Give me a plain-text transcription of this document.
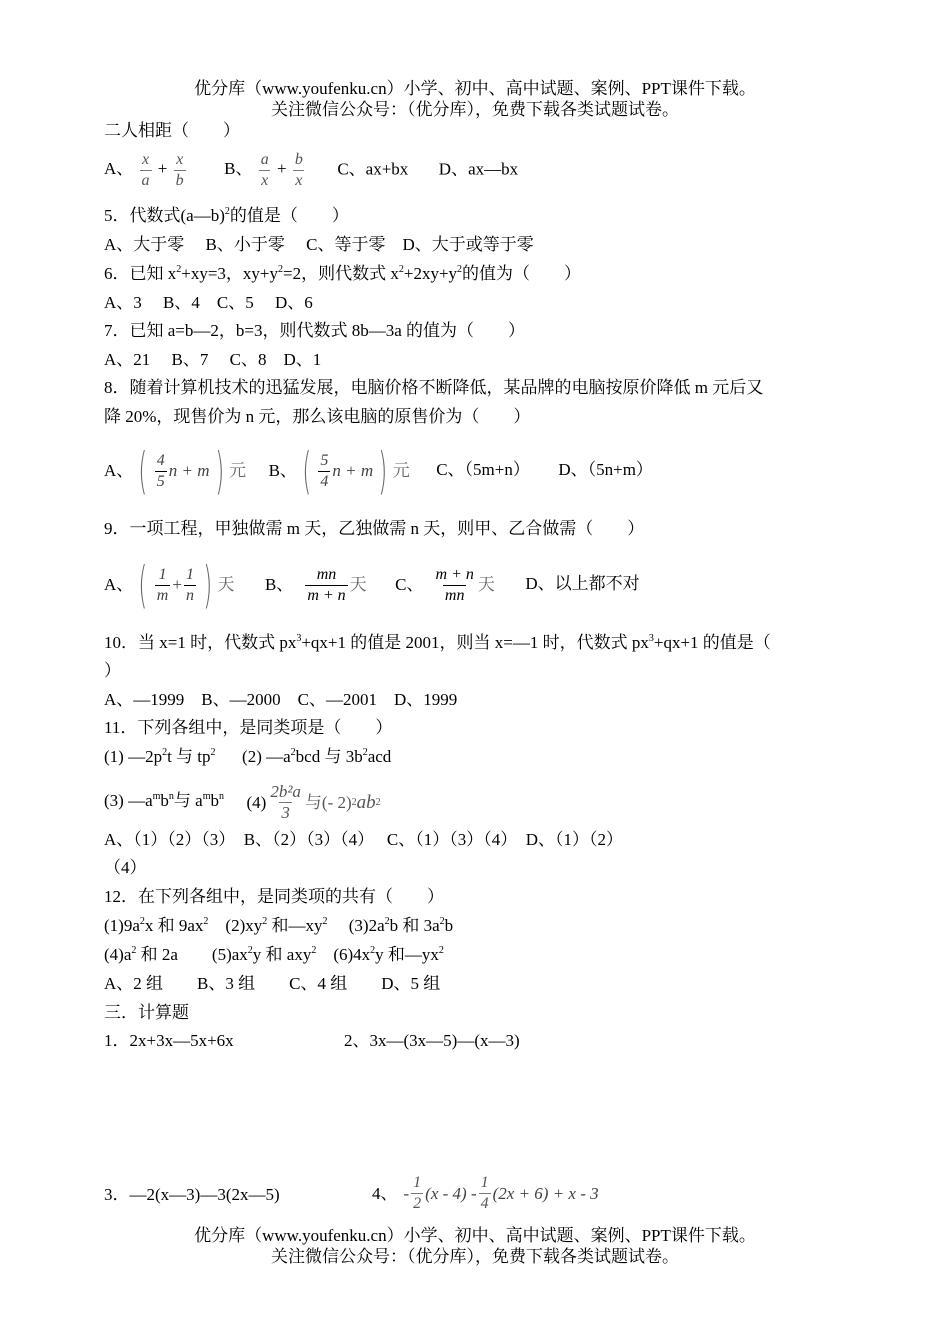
优分库（www.youfenku.cn）小学、初中、高中试题、案例、PPT课件下载。
关注微信公众号：（优分库），免费下载各类试题试卷。
二人相距（　　）
A、 $\frac{x}{a} + \frac{x}{b}$ B、 $\frac{a}{x} + \frac{b}{x}$ C、ax+bx D、ax—bx
5．代数式(a—b)$^2$的值是（　　）
A、大于零　 B、小于零　 C、等于零　D、大于或等于零
6．已知 $x^2+xy=3$，$xy+y^2=2$，则代数式 $x^2+2xy+y^2$的值为（　　）
A、3　 B、4　C、5　 D、6
7．已知 a=b—2，b=3，则代数式 8b—3a 的值为（　　）
A、21　 B、7　 C、8　D、1
8．随着计算机技术的迅猛发展，电脑价格不断降低，某品牌的电脑按原价降低 m 元后又
降 20%，现售价为 n 元，那么该电脑的原售价为（　　）
A、 ( $\frac{4}{5}$ n + m ) 元
B、 ( $\frac{5}{4}$ n + m ) 元 C、（5m+n） D、（5n+m）
9．一项工程，甲独做需 m 天，乙独做需 n 天，则甲、乙合做需（　　）
A、 ( $\frac{1}{m} + \frac{1}{n}$ ) 天
B、 $\frac{mn}{m + n}$ 天
C、 $\frac{m + n}{mn}$ 天 D、以上都不对
10．当 x=1 时，代数式 $px^3+qx+1$ 的值是 2001，则当 x=—1 时，代数式 $px^3+qx+1$ 的值是（
）
A、—1999　B、—2000　C、—2001　D、1999
11．下列各组中，是同类项是（　　）
(1) $—2p^2t$ 与 $tp^2$ (2) $—a^2bcd$ 与 $3b^2acd$
(3) $—a^mb^n$与 $a^mb^n$ $(4) \frac{\text{2b²a}}{3}$ 与(- 2) 2 ab 2
A、（1）（2）（3）　B、（2）（3）（4）　 C、（1）（3）（4）　D、（1）（2）
（4）
12．在下列各组中，是同类项的共有（　　）
$(1)9a^2x$ 和 $9ax^2$　$(2)xy^2$ 和$—xy^2$　 $(3)2a^2b$ 和 $3a^2b$
$(4)a^2$ 和 2a　　$(5)ax^2y$ 和 axy$^2$　$(6)4x^2y$ 和$—yx^2$
A、2 组　　B、3 组　　C、4 组　　D、5 组
三．计算题
1．2x+3x—5x+6x	2、3x—(3x—5)—(x—3)
3．—2(x—3)—3(2x—5)	4、 - $\frac{1}{2} (x - 4) - \frac{1}{4} (2x + 6) + x - 3$
优分库（www.youfenku.cn）小学、初中、高中试题、案例、PPT课件下载。
关注微信公众号：（优分库），免费下载各类试题试卷。
